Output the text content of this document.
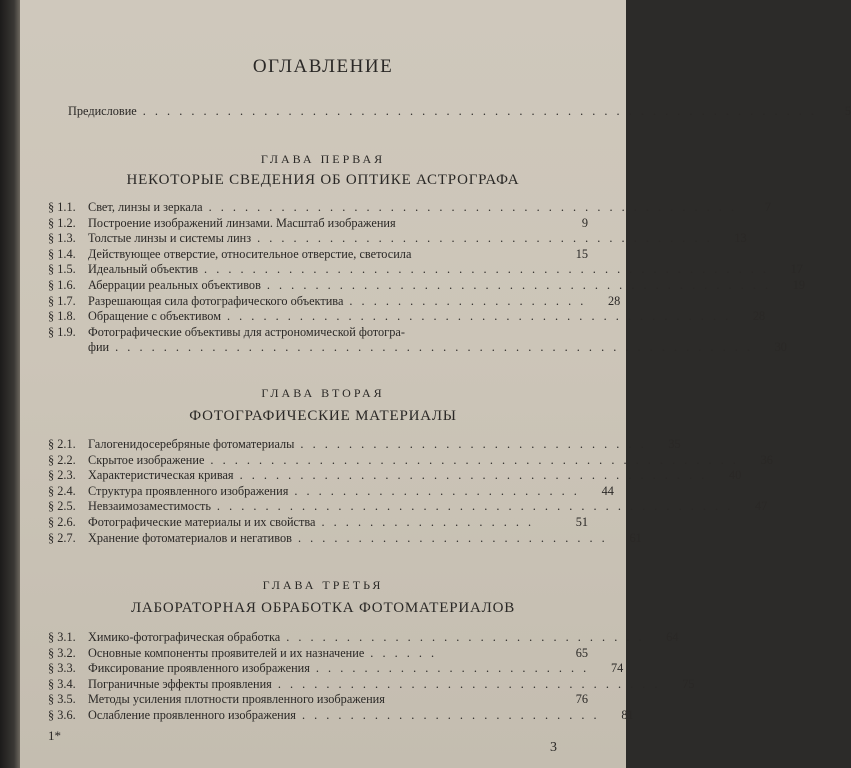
ОГЛАВЛЕНИЕ
Предисловие . . . . . . . . . . . . . . . . . . . . . . . . . . . . . . . . . . . . . . . . . . . . . . . . . . . . . . . .	5
ГЛАВА ПЕРВАЯ
НЕКОТОРЫЕ СВЕДЕНИЯ ОБ ОПТИКЕ АСТРОГРАФА
§ 1.1.	Свет, линзы и зеркала . . . . . . . . . . . . . . . . . . . . . . . . . . . . . . . . . . . . . . . . . . . .	7
§ 1.2.	Построение изображений линзами. Масштаб изображения	9
§ 1.3.	Толстые линзы и системы линз . . . . . . . . . . . . . . . . . . . . . . . . . . . . . . . . . . . . . .	13
§ 1.4.	Действующее отверстие, относительное отверстие, светосила	15
§ 1.5.	Идеальный объектив . . . . . . . . . . . . . . . . . . . . . . . . . . . . . . . . . . . . . . . . . . . . . . .	17
§ 1.6.	Аберрации реальных объективов . . . . . . . . . . . . . . . . . . . . . . . . . . . . . . . . . . . . . . . . . .	19
§ 1.7.	Разрешающая сила фотографического объектива . . . . . . . . . . . . . . . . . . . .	28
§ 1.8.	Обращение с объективом . . . . . . . . . . . . . . . . . . . . . . . . . . . . . . . . . . . . . . . . . .	28
§ 1.9.	Фотографические объективы для астрономической фотогра-
фии . . . . . . . . . . . . . . . . . . . . . . . . . . . . . . . . . . . . . . . . . . . . . . . . . . . . .	30
ГЛАВА ВТОРАЯ
ФОТОГРАФИЧЕСКИЕ МАТЕРИАЛЫ
§ 2.1.	Галогенидосеребряные фотоматериалы . . . . . . . . . . . . . . . . . . . . . . . . . . . . .	35
§ 2.2.	Скрытое изображение . . . . . . . . . . . . . . . . . . . . . . . . . . . . . . . . . . . . . . . . . . . .	36
§ 2.3.	Характеристическая кривая . . . . . . . . . . . . . . . . . . . . . . . . . . . . . . . . . . . . . . .	40
§ 2.4.	Структура проявленного изображения . . . . . . . . . . . . . . . . . . . . . . . .	44
§ 2.5.	Невзаимозаместимость . . . . . . . . . . . . . . . . . . . . . . . . . . . . . . . . . . . . . . . . . . .	47
§ 2.6.	Фотографические материалы и их свойства . . . . . . . . . . . . . . . . . .	51
§ 2.7.	Хранение фотоматериалов и негативов . . . . . . . . . . . . . . . . . . . . . . . . . .	61
ГЛАВА ТРЕТЬЯ
ЛАБОРАТОРНАЯ ОБРАБОТКА ФОТОМАТЕРИАЛОВ
§ 3.1.	Химико-фотографическая обработка . . . . . . . . . . . . . . . . . . . . . . . . . . . . . .	64
§ 3.2.	Основные компоненты проявителей и их назначение . . . . . .	65
§ 3.3.	Фиксирование проявленного изображения . . . . . . . . . . . . . . . . . . . . . . .	74
§ 3.4.	Пограничные эффекты проявления . . . . . . . . . . . . . . . . . . . . . . . . . . . . . . . .	75
§ 3.5.	Методы усиления плотности проявленного изображения	76
§ 3.6.	Ослабление проявленного изображения . . . . . . . . . . . . . . . . . . . . . . . . .	81
1*
3
